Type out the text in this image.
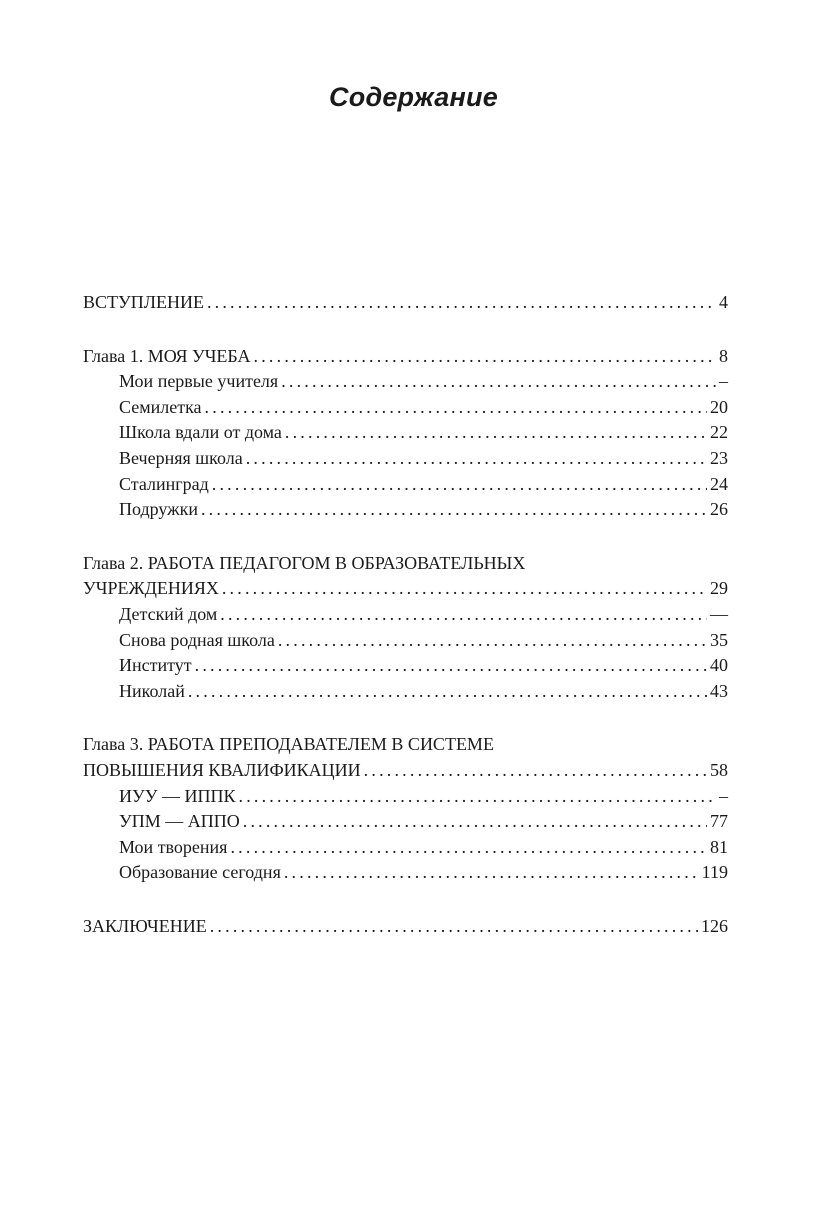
Содержание
ВСТУПЛЕНИЕ . . .	4
Глава 1. МОЯ УЧЕБА . . .	8
Мои первые учителя . . .	–
Семилетка . . .	20
Школа вдали от дома . . .	22
Вечерняя школа . . .	23
Сталинград . . .	24
Подружки . . .	26
Глава 2. РАБОТА ПЕДАГОГОМ В ОБРАЗОВАТЕЛЬНЫХ
УЧРЕЖДЕНИЯХ . . .	29
Детский дом . . .	—
Снова родная школа . . .	35
Институт . . .	40
Николай . . .	43
Глава 3. РАБОТА ПРЕПОДАВАТЕЛЕМ В СИСТЕМЕ
ПОВЫШЕНИЯ КВАЛИФИКАЦИИ . . .	58
ИУУ — ИППК . . .	–
УПМ — АППО . . .	77
Мои творения . . .	81
Образование сегодня . . .	119
ЗАКЛЮЧЕНИЕ . . .	126
